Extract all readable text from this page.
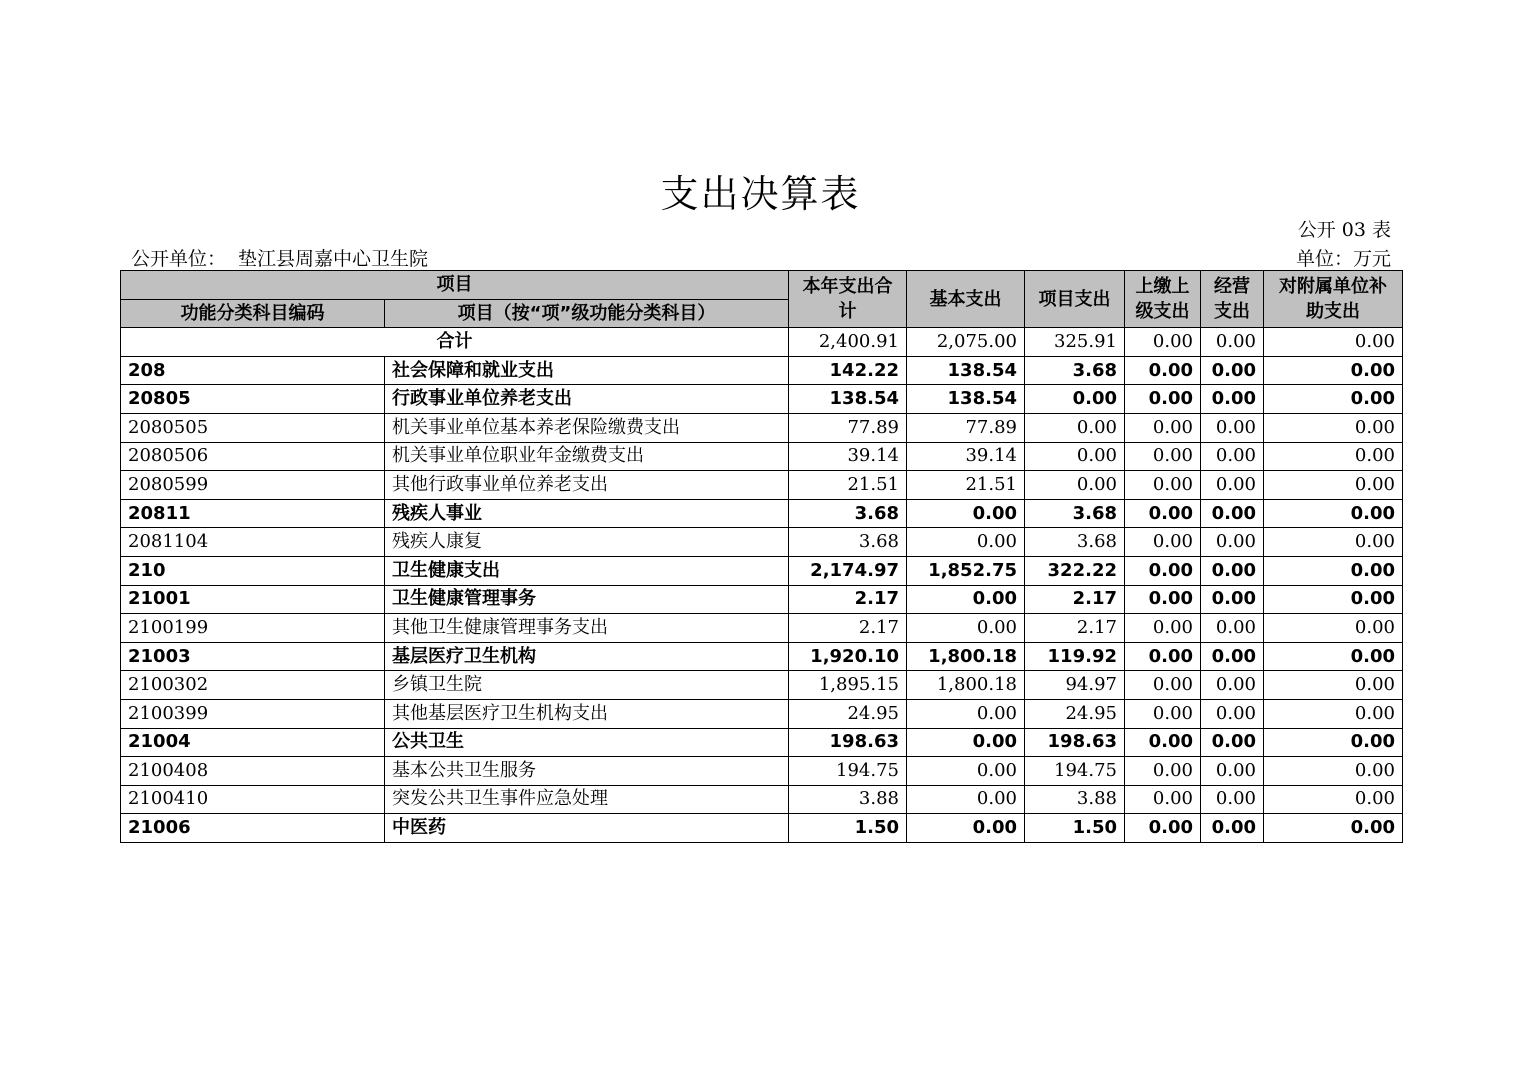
支出决算表
公开 03 表
公开单位： 垫江县周嘉中心卫生院	单位：万元
项目		本年支出合计	基本支出	项目支出	上缴上级支出	经营支出	对附属单位补助支出
功能分类科目编码	项目（按“项”级功能分类科目）						
合计		2,400.91	2,075.00	325.91	0.00	0.00	0.00
208	社会保障和就业支出	142.22	138.54	3.68	0.00	0.00	0.00
20805	行政事业单位养老支出	138.54	138.54	0.00	0.00	0.00	0.00
2080505	机关事业单位基本养老保险缴费支出	77.89	77.89	0.00	0.00	0.00	0.00
2080506	机关事业单位职业年金缴费支出	39.14	39.14	0.00	0.00	0.00	0.00
2080599	其他行政事业单位养老支出	21.51	21.51	0.00	0.00	0.00	0.00
20811	残疾人事业	3.68	0.00	3.68	0.00	0.00	0.00
2081104	残疾人康复	3.68	0.00	3.68	0.00	0.00	0.00
210	卫生健康支出	2,174.97	1,852.75	322.22	0.00	0.00	0.00
21001	卫生健康管理事务	2.17	0.00	2.17	0.00	0.00	0.00
2100199	其他卫生健康管理事务支出	2.17	0.00	2.17	0.00	0.00	0.00
21003	基层医疗卫生机构	1,920.10	1,800.18	119.92	0.00	0.00	0.00
2100302	乡镇卫生院	1,895.15	1,800.18	94.97	0.00	0.00	0.00
2100399	其他基层医疗卫生机构支出	24.95	0.00	24.95	0.00	0.00	0.00
21004	公共卫生	198.63	0.00	198.63	0.00	0.00	0.00
2100408	基本公共卫生服务	194.75	0.00	194.75	0.00	0.00	0.00
2100410	突发公共卫生事件应急处理	3.88	0.00	3.88	0.00	0.00	0.00
21006	中医药	1.50	0.00	1.50	0.00	0.00	0.00
